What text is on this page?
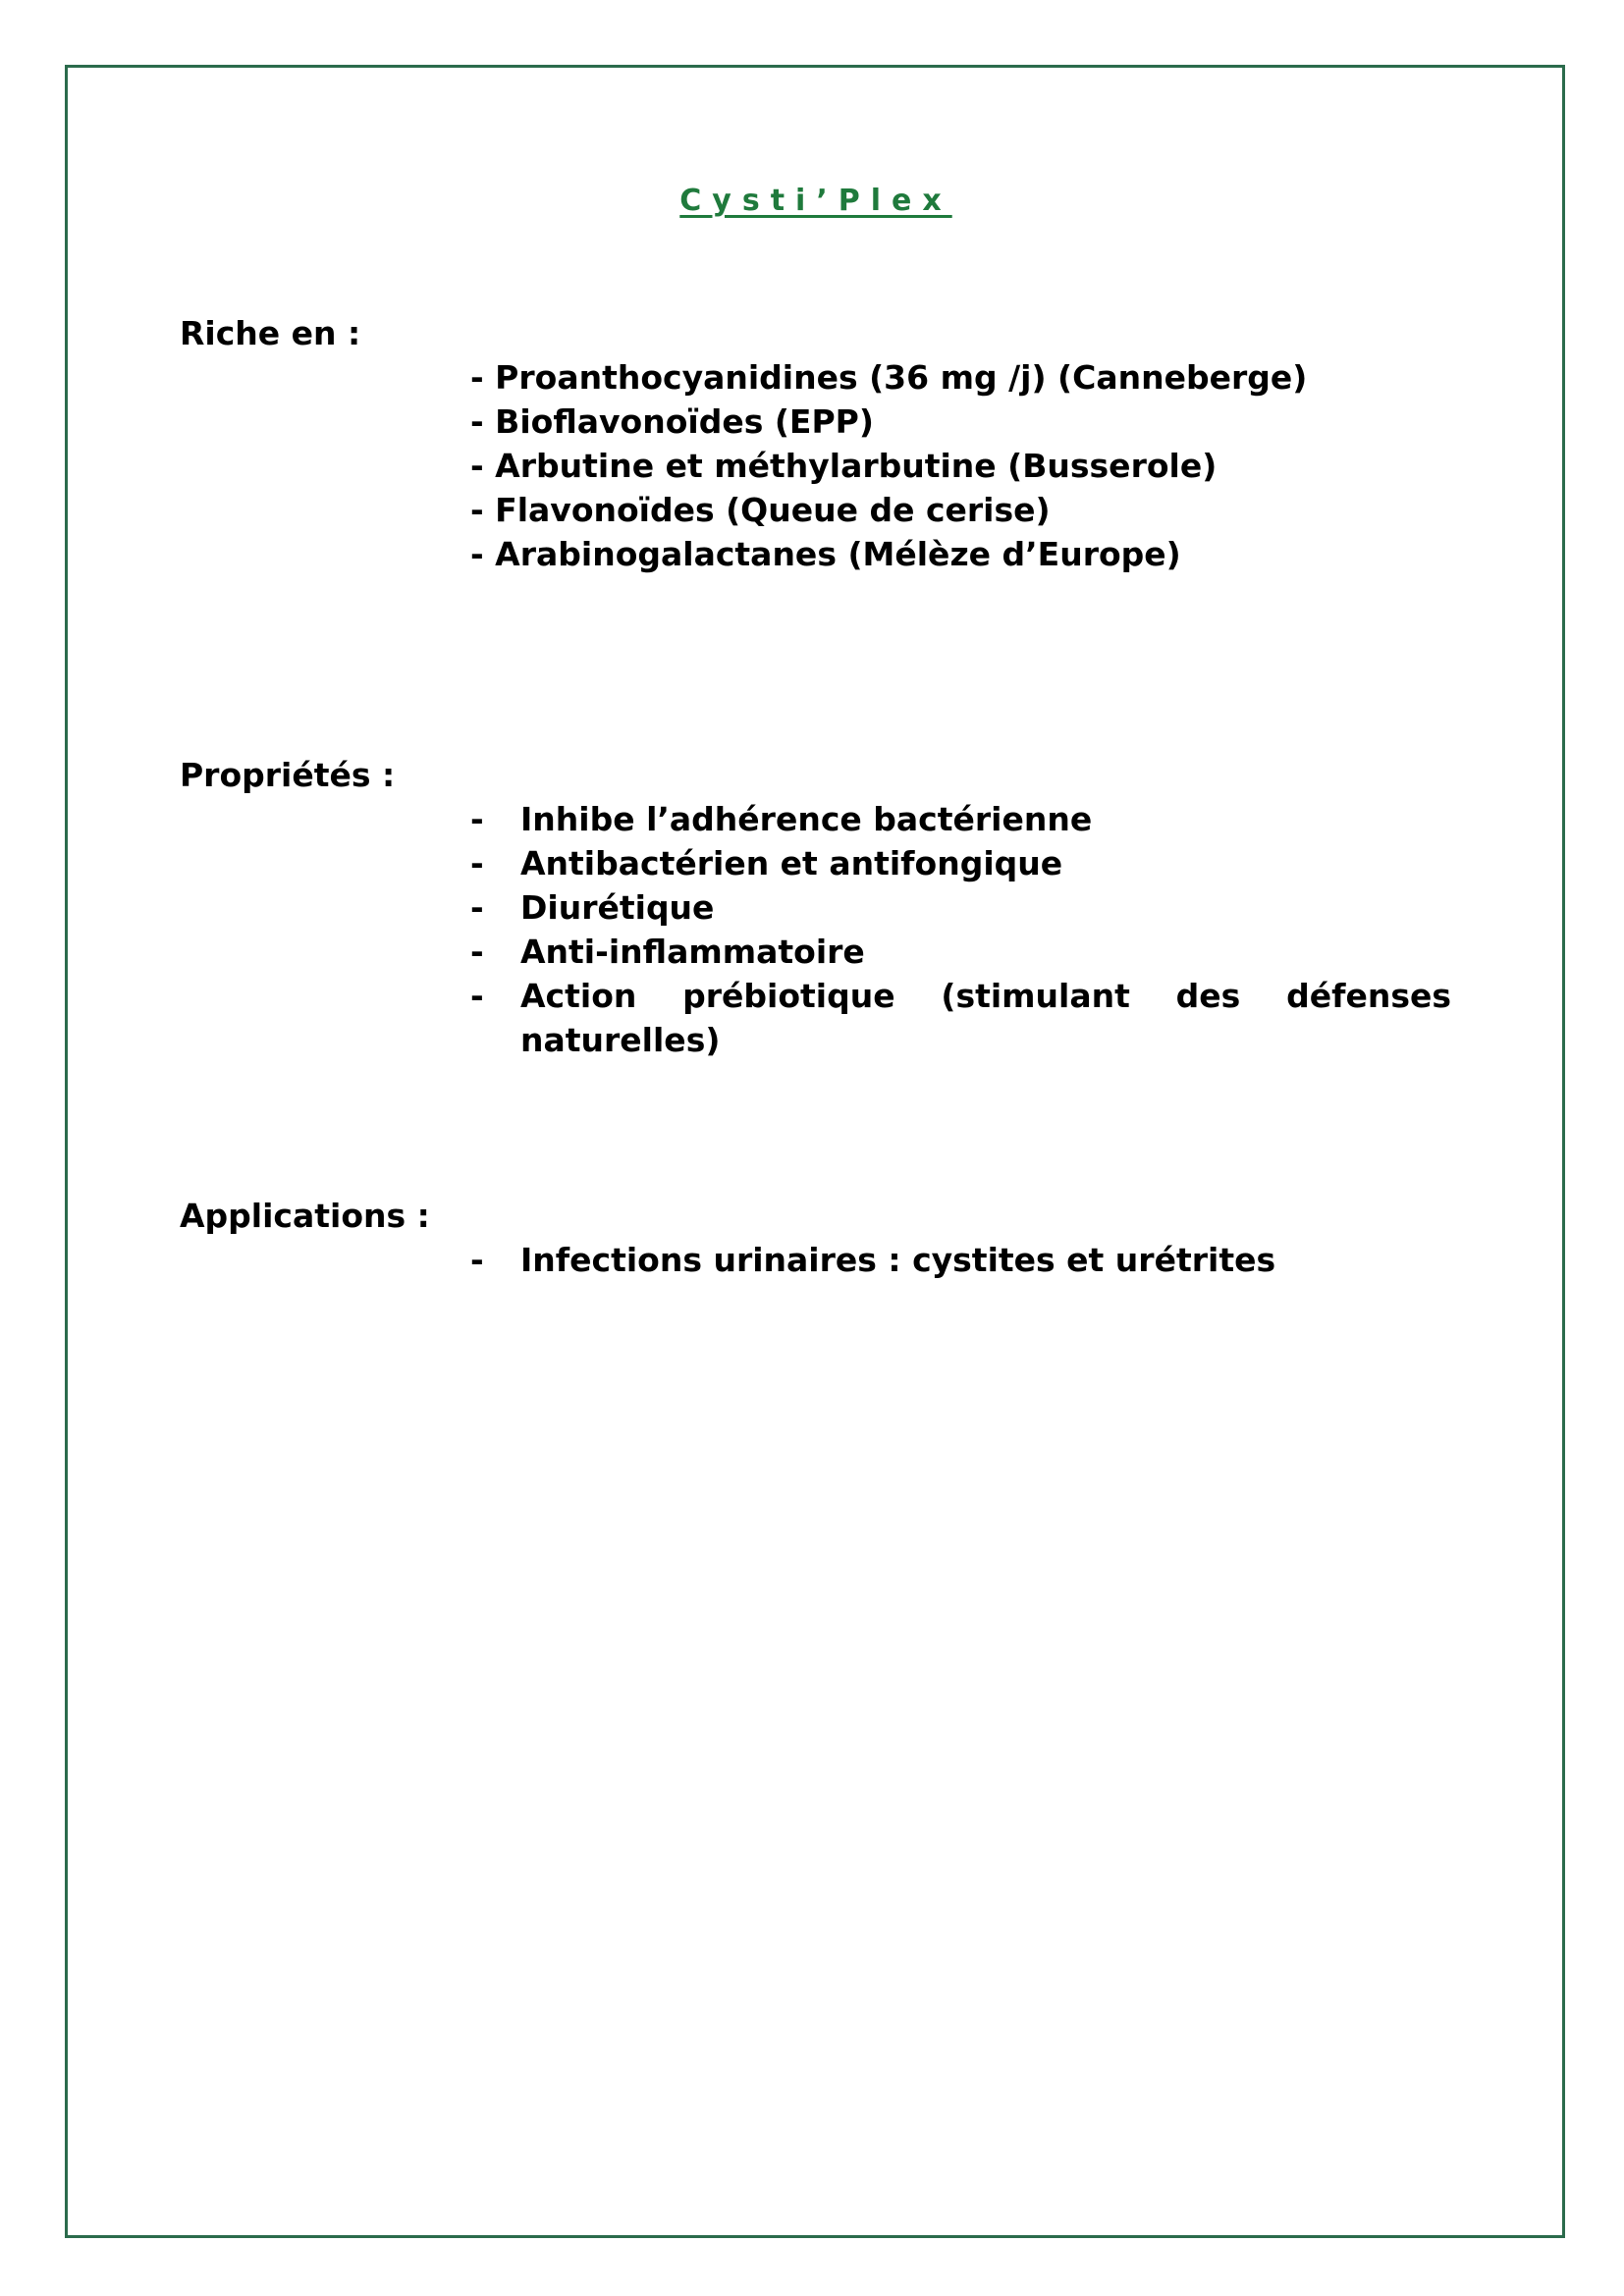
Cysti’Plex
Riche en :
- Proanthocyanidines (36 mg /j) (Canneberge)
- Bioflavonoïdes (EPP)
- Arbutine et méthylarbutine (Busserole)
- Flavonoïdes (Queue de cerise)
- Arabinogalactanes (Mélèze d’Europe)
Propriétés :
-	Inhibe l’adhérence bactérienne
-	Antibactérien et antifongique
-	Diurétique
-	Anti-inflammatoire
-	Action prébiotique (stimulant des défenses naturelles)
Applications :
-	Infections urinaires : cystites et urétrites
